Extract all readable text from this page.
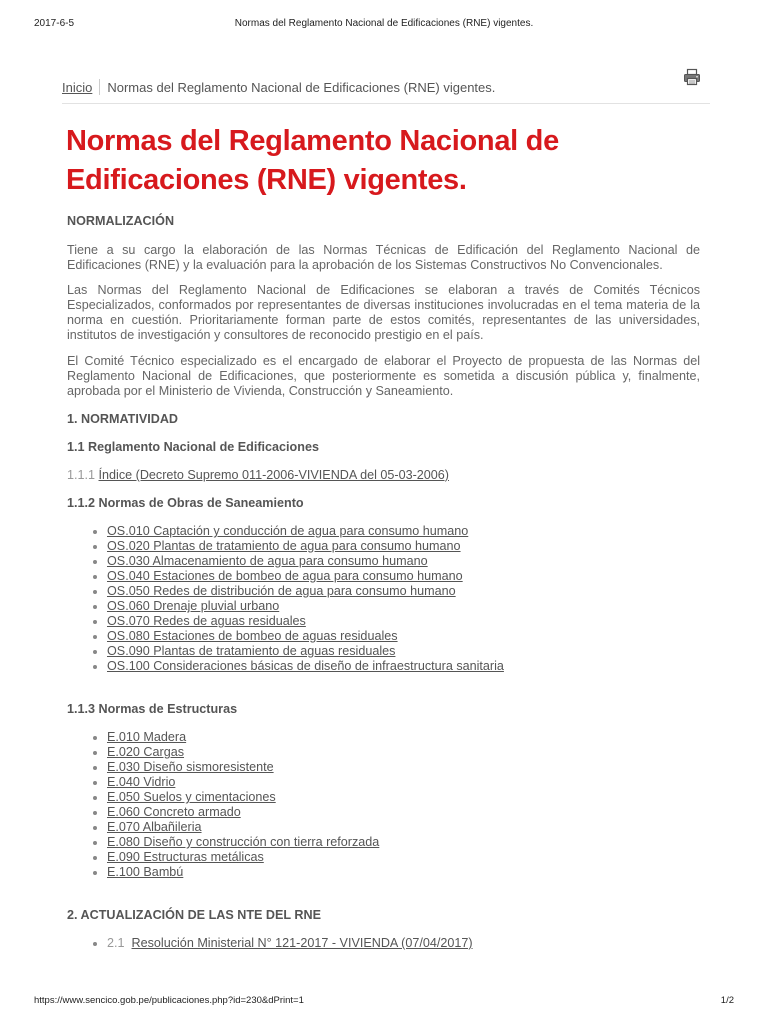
2017-6-5	Normas del Reglamento Nacional de Edificaciones (RNE) vigentes.
Inicio Normas del Reglamento Nacional de Edificaciones (RNE) vigentes.
Normas del Reglamento Nacional de Edificaciones (RNE) vigentes.
NORMALIZACIÓN

Tiene a su cargo la elaboración de las Normas Técnicas de Edificación del Reglamento Nacional de Edificaciones (RNE) y la evaluación para la aprobación de los Sistemas Constructivos No Convencionales.

Las Normas del Reglamento Nacional de Edificaciones se elaboran a través de Comités Técnicos Especializados, conformados por representantes de diversas instituciones involucradas en el tema materia de la norma en cuestión. Prioritariamente forman parte de estos comités, representantes de las universidades, institutos de investigación y consultores de reconocido prestigio en el país.

El Comité Técnico especializado es el encargado de elaborar el Proyecto de propuesta de las Normas del Reglamento Nacional de Edificaciones, que posteriormente es sometida a discusión pública y, finalmente, aprobada por el Ministerio de Vivienda, Construcción y Saneamiento.

1. NORMATIVIDAD
1.1 Reglamento Nacional de Edificaciones
1.1.1 Índice (Decreto Supremo 011-2006-VIVIENDA del 05-03-2006)
1.1.2 Normas de Obras de Saneamiento
• OS.010 Captación y conducción de agua para consumo humano
• OS.020 Plantas de tratamiento de agua para consumo humano
• OS.030 Almacenamiento de agua para consumo humano
• OS.040 Estaciones de bombeo de agua para consumo humano
• OS.050 Redes de distribución de agua para consumo humano
• OS.060 Drenaje pluvial urbano
• OS.070 Redes de aguas residuales
• OS.080 Estaciones de bombeo de aguas residuales
• OS.090 Plantas de tratamiento de aguas residuales
• OS.100 Consideraciones básicas de diseño de infraestructura sanitaria
1.1.3 Normas de Estructuras
• E.010 Madera
• E.020 Cargas
• E.030 Diseño sismoresistente
• E.040 Vidrio
• E.050 Suelos y cimentaciones
• E.060 Concreto armado
• E.070 Albañileria
• E.080 Diseño y construcción con tierra reforzada
• E.090 Estructuras metálicas
• E.100 Bambú
2. ACTUALIZACIÓN DE LAS NTE DEL RNE
• 2.1 Resolución Ministerial N° 121-2017 - VIVIENDA (07/04/2017)
https://www.sencico.gob.pe/publicaciones.php?id=230&dPrint=1	1/2
